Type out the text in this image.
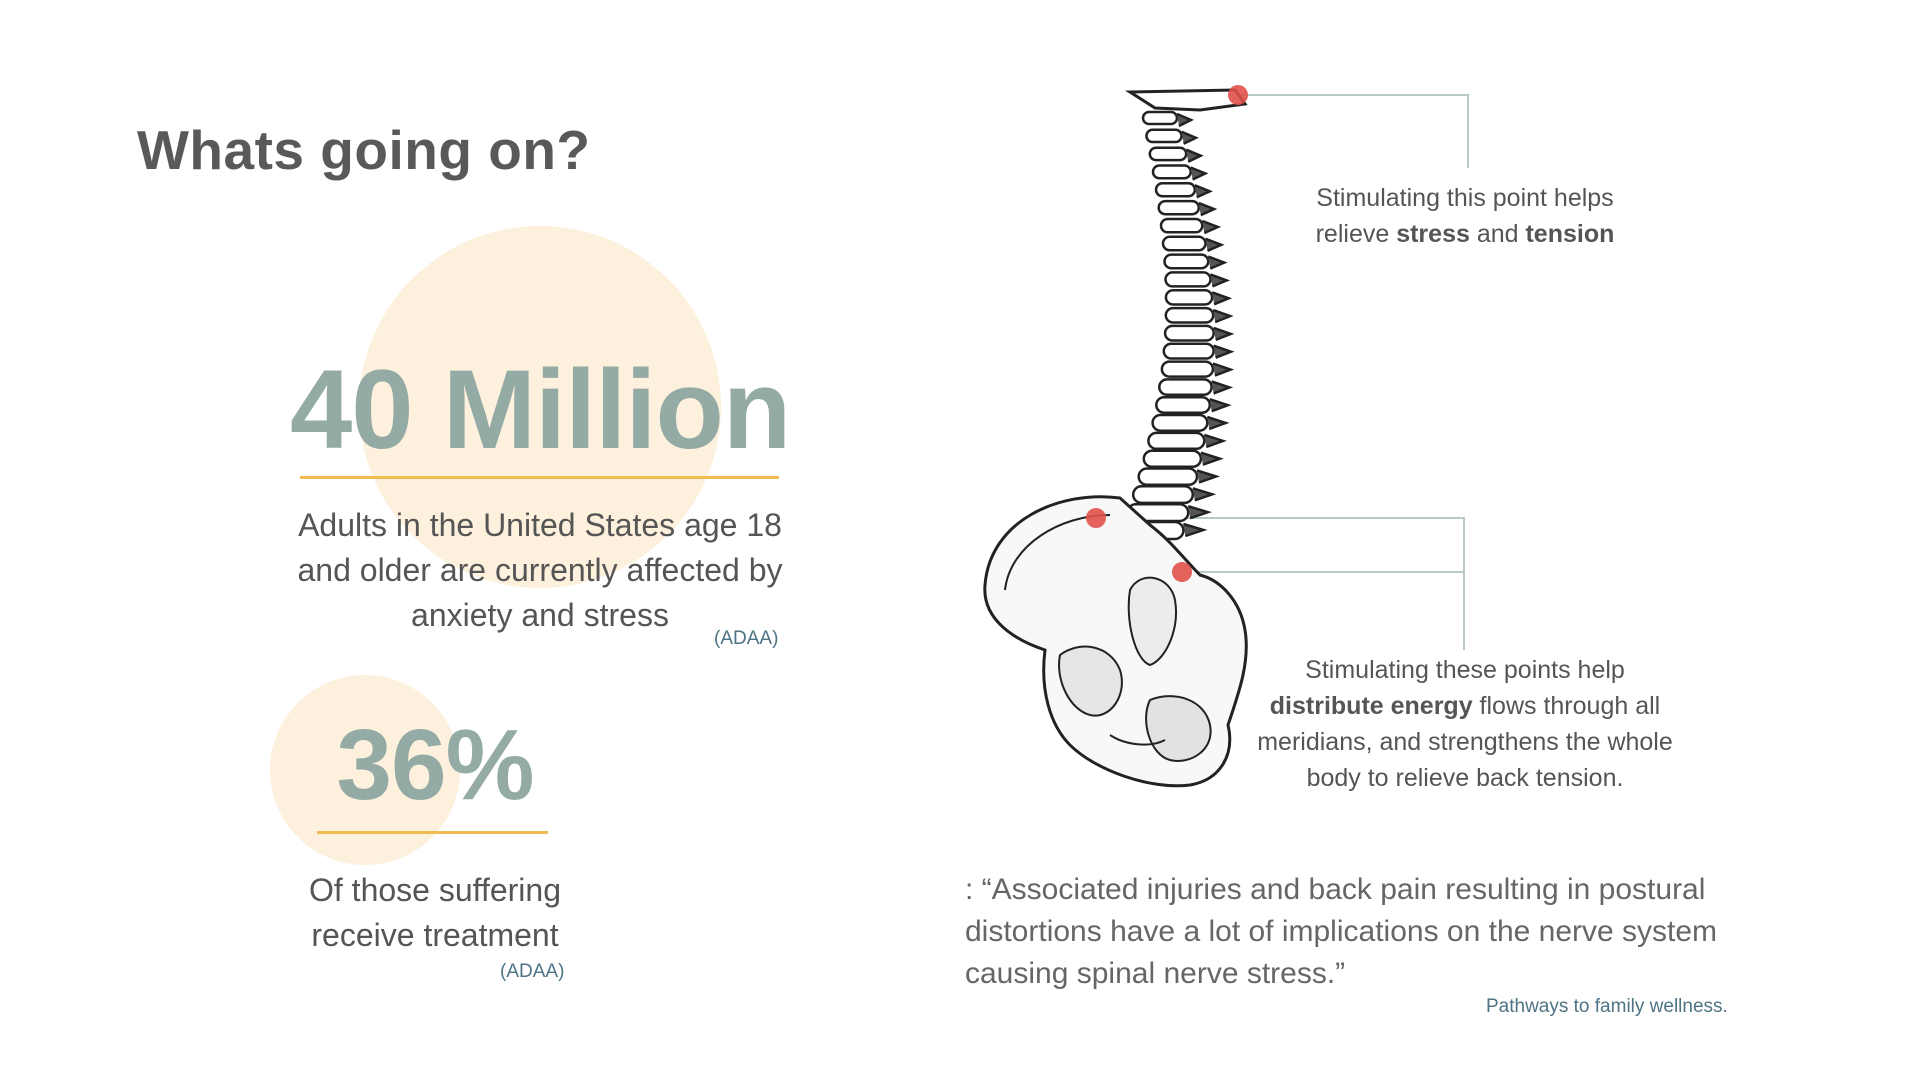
Whats going on?
40 Million
Adults in the United States age 18 and older are currently affected by anxiety and stress
(ADAA)
36%
Of those suffering receive treatment
(ADAA)
Stimulating this point helps relieve stress and tension
Stimulating these points help distribute energy flows through all meridians, and strengthens the whole body to relieve back tension.
: “Associated injuries and back pain resulting in postural distortions have a lot of implications on the nerve system causing spinal nerve stress.”
Pathways to family wellness.
